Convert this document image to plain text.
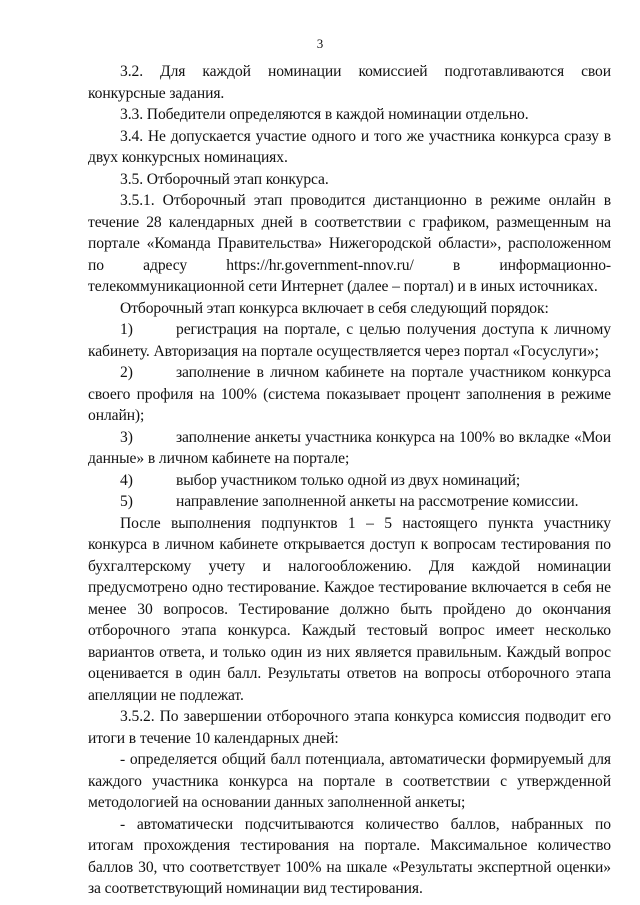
3

3.2. Для каждой номинации комиссией подготавливаются свои конкурсные задания.

3.3. Победители определяются в каждой номинации отдельно.

3.4. Не допускается участие одного и того же участника конкурса сразу в двух конкурсных номинациях.

3.5. Отборочный этап конкурса.

3.5.1. Отборочный этап проводится дистанционно в режиме онлайн в течение 28 календарных дней в соответствии с графиком, размещенным на портале «Команда Правительства» Нижегородской области», расположенном по адресу https://hr.government-nnov.ru/ в информационно-телекоммуникационной сети Интернет (далее – портал) и в иных источниках.

Отборочный этап конкурса включает в себя следующий порядок:

1)	регистрация на портале, с целью получения доступа к личному кабинету. Авторизация на портале осуществляется через портал «Госуслуги»;

2)	заполнение в личном кабинете на портале участником конкурса своего профиля на 100% (система показывает процент заполнения в режиме онлайн);

3)	заполнение анкеты участника конкурса на 100% во вкладке «Мои данные» в личном кабинете на портале;

4)	выбор участником только одной из двух номинаций;

5)	направление заполненной анкеты на рассмотрение комиссии.

После выполнения подпунктов 1 – 5 настоящего пункта участнику конкурса в личном кабинете открывается доступ к вопросам тестирования по бухгалтерскому учету и налогообложению. Для каждой номинации предусмотрено одно тестирование. Каждое тестирование включается в себя не менее 30 вопросов. Тестирование должно быть пройдено до окончания отборочного этапа конкурса. Каждый тестовый вопрос имеет несколько вариантов ответа, и только один из них является правильным. Каждый вопрос оценивается в один балл. Результаты ответов на вопросы отборочного этапа апелляции не подлежат.

3.5.2. По завершении отборочного этапа конкурса комиссия подводит его итоги в течение 10 календарных дней:

- определяется общий балл потенциала, автоматически формируемый для каждого участника конкурса на портале в соответствии с утвержденной методологией на основании данных заполненной анкеты;

- автоматически подсчитываются количество баллов, набранных по итогам прохождения тестирования на портале. Максимальное количество баллов 30, что соответствует 100% на шкале «Результаты экспертной оценки» за соответствующий номинации вид тестирования.
